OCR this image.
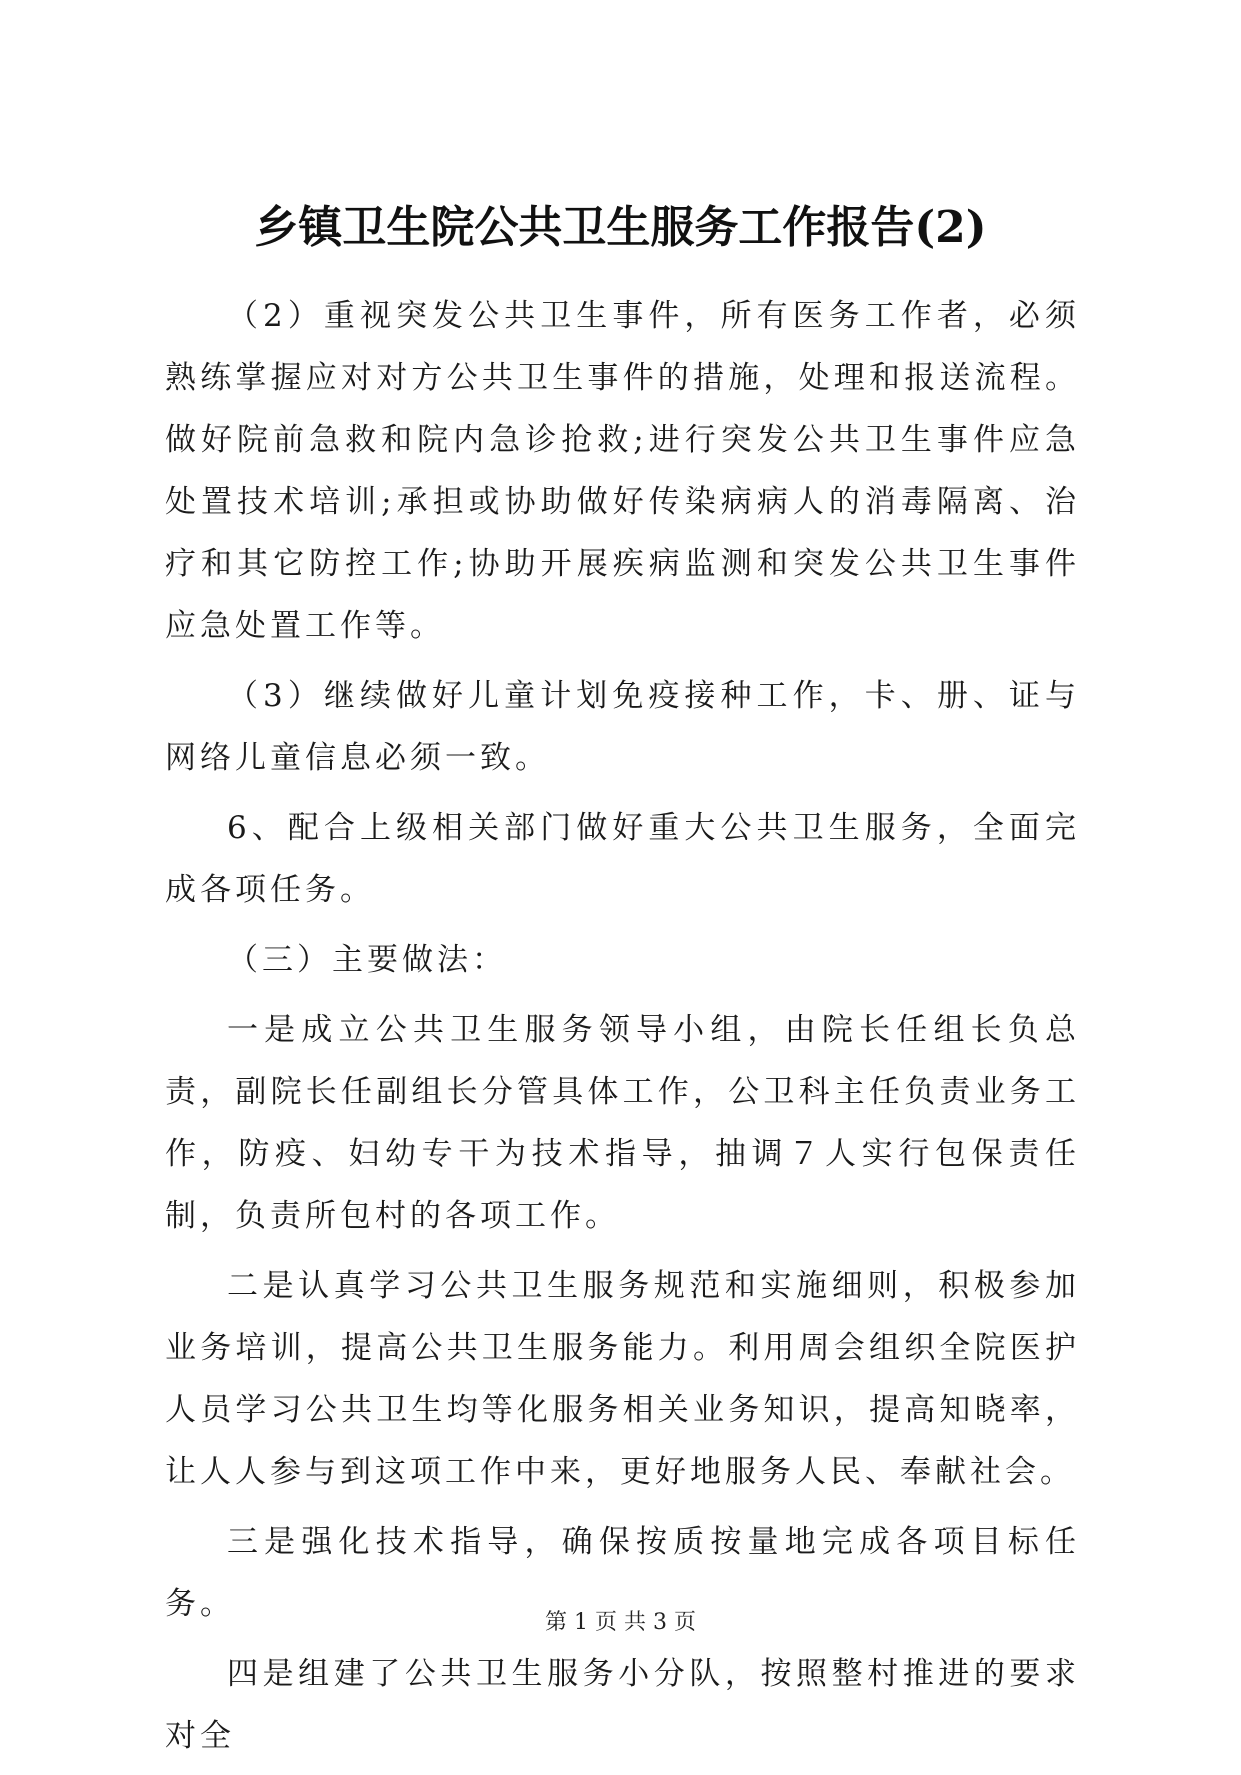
乡镇卫生院公共卫生服务工作报告(2)

（2）重视突发公共卫生事件，所有医务工作者，必须熟练掌握应对对方公共卫生事件的措施，处理和报送流程。做好院前急救和院内急诊抢救;进行突发公共卫生事件应急处置技术培训;承担或协助做好传染病病人的消毒隔离、治疗和其它防控工作;协助开展疾病监测和突发公共卫生事件应急处置工作等。

（3）继续做好儿童计划免疫接种工作，卡、册、证与网络儿童信息必须一致。

6、配合上级相关部门做好重大公共卫生服务，全面完成各项任务。

（三）主要做法：

一是成立公共卫生服务领导小组，由院长任组长负总责，副院长任副组长分管具体工作，公卫科主任负责业务工作，防疫、妇幼专干为技术指导，抽调７人实行包保责任制，负责所包村的各项工作。

二是认真学习公共卫生服务规范和实施细则，积极参加业务培训，提高公共卫生服务能力。利用周会组织全院医护人员学习公共卫生均等化服务相关业务知识，提高知晓率，让人人参与到这项工作中来，更好地服务人民、奉献社会。

三是强化技术指导，确保按质按量地完成各项目标任务。

四是组建了公共卫生服务小分队，按照整村推进的要求对全

第 1 页 共 3 页
